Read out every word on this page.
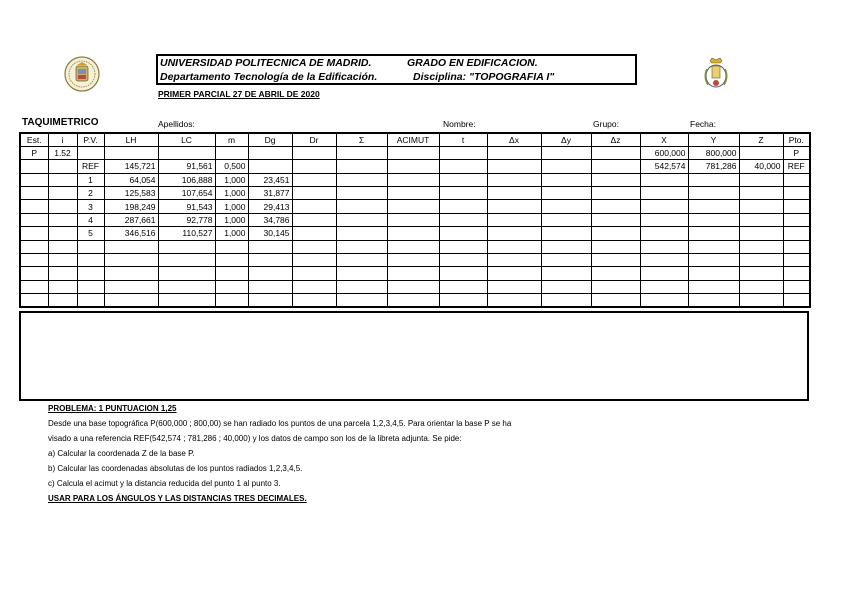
UNIVERSIDAD POLITECNICA DE MADRID.	GRADO EN EDIFICACION.
Departamento Tecnología de la Edificación.	Disciplina: "TOPOGRAFIA I"
PRIMER PARCIAL 27 DE ABRIL DE 2020
TAQUIMETRICO	Apellidos:	Nombre:	Grupo:	Fecha:
Est.	i	P.V.	LH	LC	m	Dg	Dr	Σ	ACIMUT	t	Δx	Δy	Δz	X	Y	Z	Pto.
P	1.52													600,000	800,000		P
		REF	145,721	91,561	0,500									542,574	781,286	40,000	REF
		1	64,054	106,888	1,000	23,451											
		2	125,583	107,654	1,000	31,877											
		3	198,249	91,543	1,000	29,413											
		4	287,661	92,778	1,000	34,786											
		5	346,516	110,527	1,000	30,145											

PROBLEMA: 1 PUNTUACION 1,25
Desde una base topográfica P(600,000 ; 800,00) se han radiado los puntos de una parcela 1,2,3,4,5. Para orientar la base P se ha
visado a una referencia REF(542,574 ; 781,286 ; 40,000) y los datos de campo son los de la libreta adjunta. Se pide:
a) Calcular la coordenada Z de la base P.
b) Calcular las coordenadas absolutas de los puntos radiados 1,2,3,4,5.
c) Calcula el acimut y la distancia reducida del punto 1 al punto 3.
USAR PARA LOS ÁNGULOS Y LAS DISTANCIAS TRES DECIMALES.
